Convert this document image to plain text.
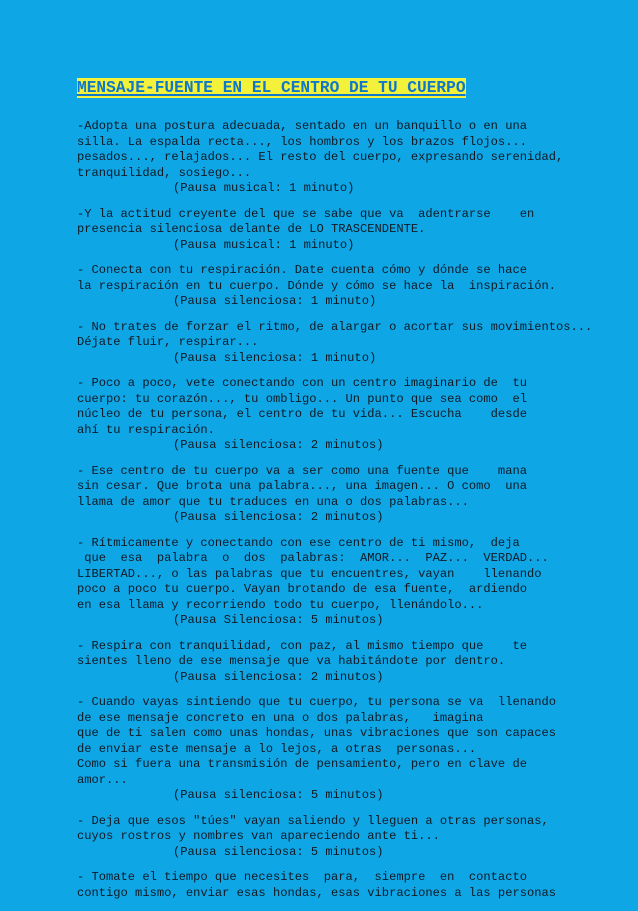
MENSAJE-FUENTE EN EL CENTRO DE TU CUERPO
-Adopta una postura adecuada, sentado en un banquillo o en una
silla. La espalda recta..., los hombros y los brazos flojos...
pesados..., relajados... El resto del cuerpo, expresando serenidad,
tranquilidad, sosiego...
(Pausa musical: 1 minuto)
-Y la actitud creyente del que se sabe que va  adentrarse    en
presencia silenciosa delante de LO TRASCENDENTE.
(Pausa musical: 1 minuto)
- Conecta con tu respiración. Date cuenta cómo y dónde se hace
la respiración en tu cuerpo. Dónde y cómo se hace la  inspiración.
(Pausa silenciosa: 1 minuto)
- No trates de forzar el ritmo, de alargar o acortar sus movimientos...
Déjate fluir, respirar...
(Pausa silenciosa: 1 minuto)
- Poco a poco, vete conectando con un centro imaginario de  tu
cuerpo: tu corazón..., tu ombligo... Un punto que sea como  el
núcleo de tu persona, el centro de tu vida... Escucha    desde
ahí tu respiración.
(Pausa silenciosa: 2 minutos)
- Ese centro de tu cuerpo va a ser como una fuente que    mana
sin cesar. Que brota una palabra..., una imagen... O como  una
llama de amor que tu traduces en una o dos palabras...
(Pausa silenciosa: 2 minutos)
- Rítmicamente y conectando con ese centro de ti mismo,  deja
que  esa  palabra  o  dos  palabras:  AMOR...  PAZ...  VERDAD...
LIBERTAD..., o las palabras que tu encuentres, vayan    llenando
poco a poco tu cuerpo. Vayan brotando de esa fuente,  ardiendo
en esa llama y recorriendo todo tu cuerpo, llenándolo...
(Pausa Silenciosa: 5 minutos)
- Respira con tranquilidad, con paz, al mismo tiempo que    te
sientes lleno de ese mensaje que va habitándote por dentro.
(Pausa silenciosa: 2 minutos)
- Cuando vayas sintiendo que tu cuerpo, tu persona se va  llenando
de ese mensaje concreto en una o dos palabras,   imagina
que de ti salen como unas hondas, unas vibraciones que son capaces
de enviar este mensaje a lo lejos, a otras  personas...
Como si fuera una transmisión de pensamiento, pero en clave de
amor...
(Pausa silenciosa: 5 minutos)
- Deja que esos "túes" vayan saliendo y lleguen a otras personas,
cuyos rostros y nombres van apareciendo ante ti...
(Pausa silenciosa: 5 minutos)
- Tomate el tiempo que necesites  para,  siempre  en  contacto
contigo mismo, enviar esas hondas, esas vibraciones a las personas
